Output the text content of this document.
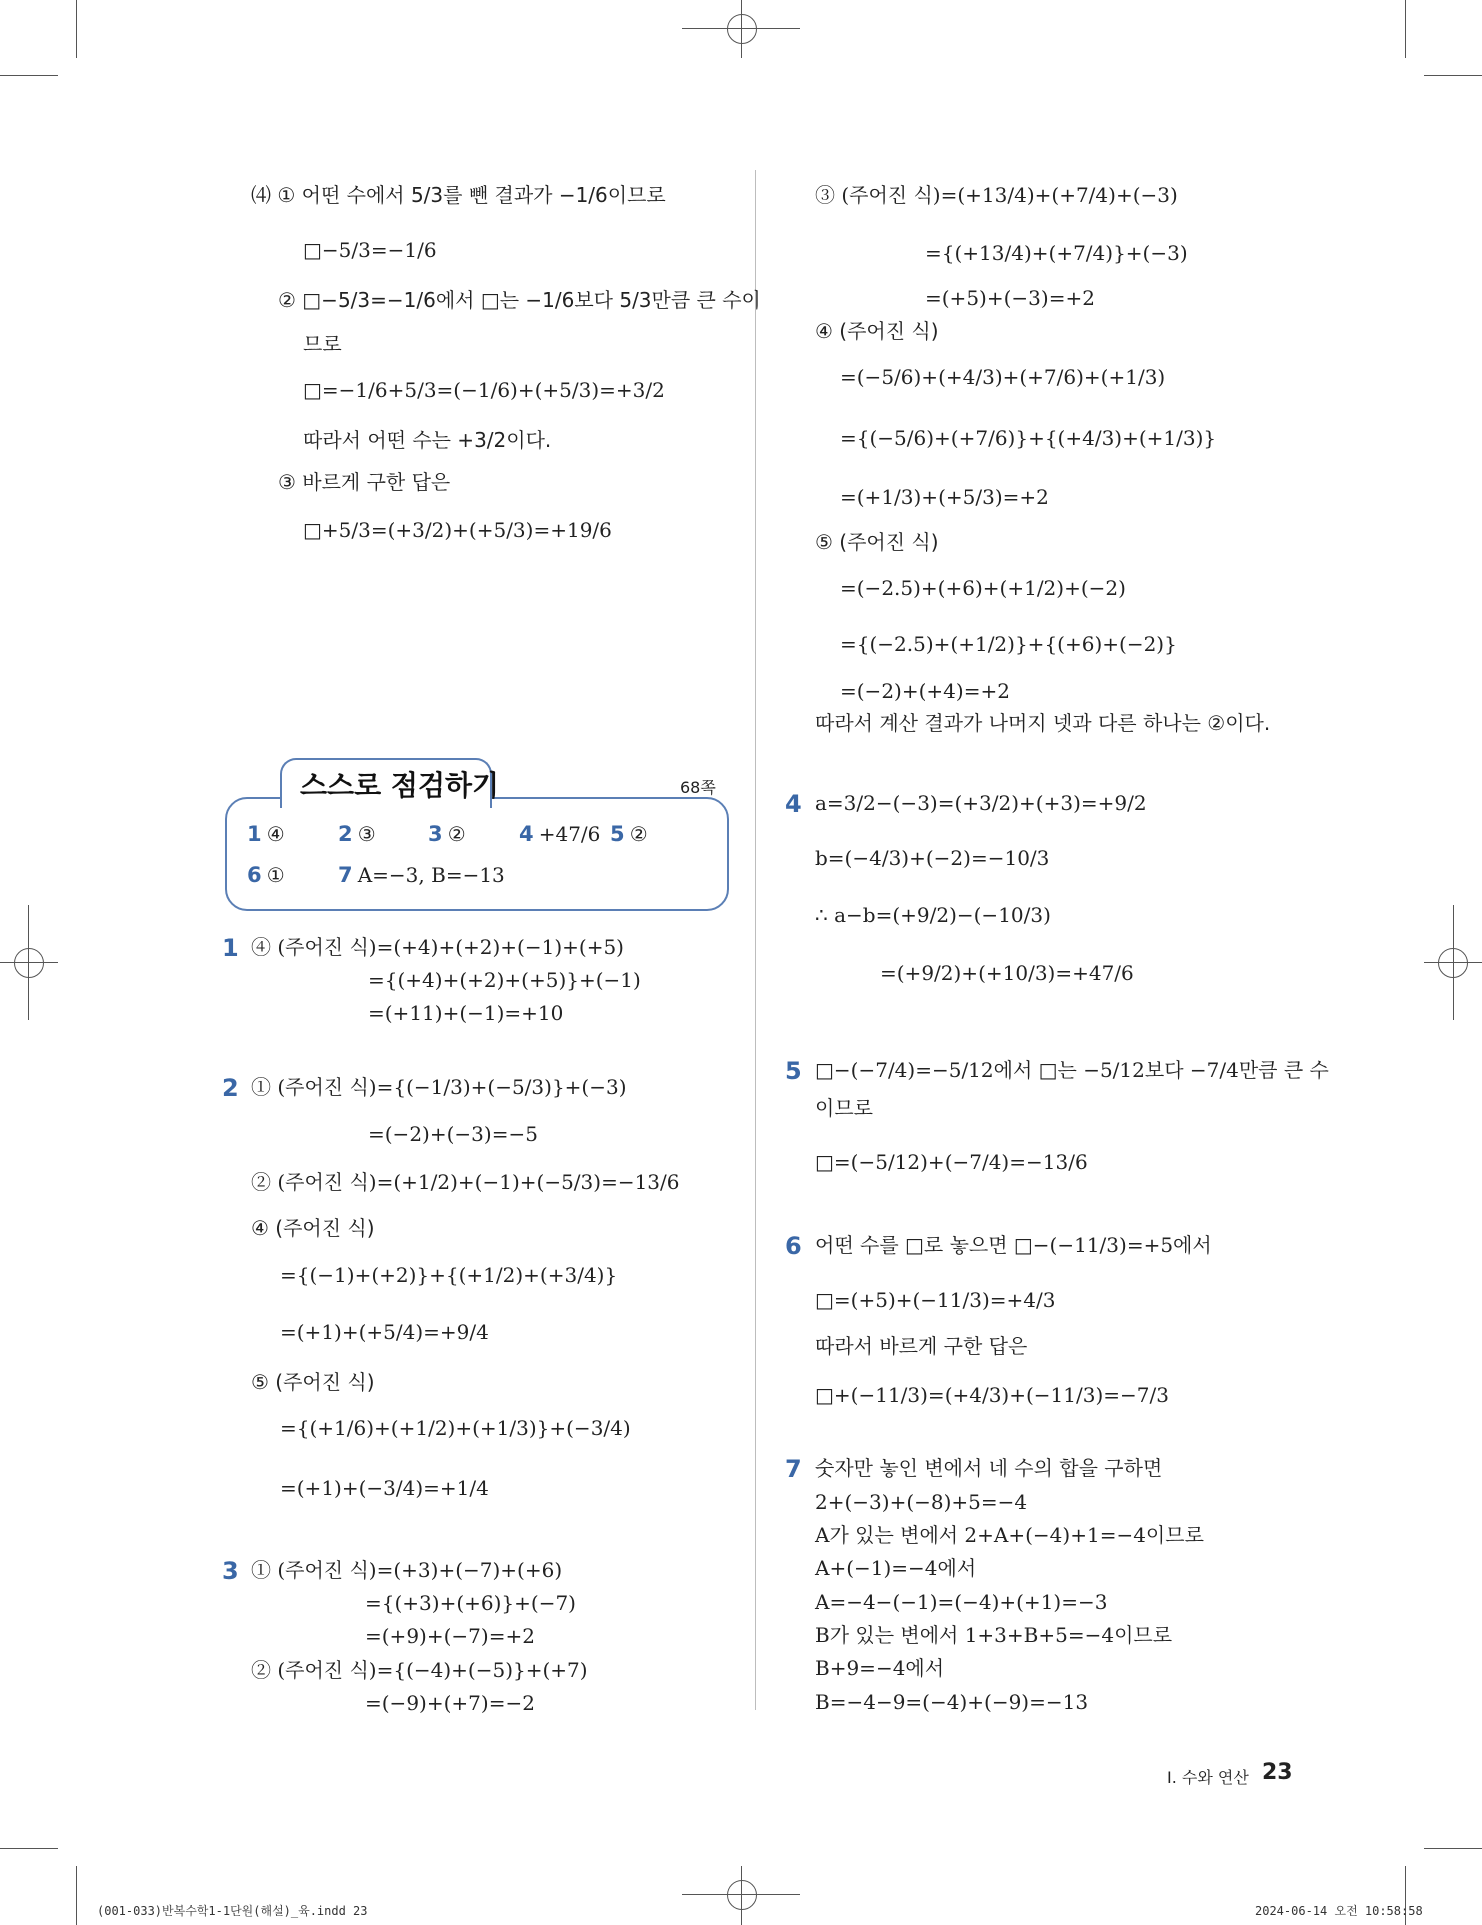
⑷ ① 어떤 수에서 5/3를 뺀 결과가 −1/6이므로
□−5/3=−1/6
② □−5/3=−1/6에서 □는 −1/6보다 5/3만큼 큰 수이
므로
□=−1/6+5/3=(−1/6)+(+5/3)=+3/2
따라서 어떤 수는 +3/2이다.
③ 바르게 구한 답은
□+5/3=(+3/2)+(+5/3)=+19/6
스스로 점검하기	68쪽
1 ④	2 ③ 3 ②	4 +47/6 5 ②
6 ①	7 A=−3, B=−13
1 ④ (주어진 식)=(+4)+(+2)+(−1)+(+5)
={(+4)+(+2)+(+5)}+(−1)
=(+11)+(−1)=+10
2 ① (주어진 식)={(−1/3)+(−5/3)}+(−3)
=(−2)+(−3)=−5
② (주어진 식)=(+1/2)+(−1)+(−5/3)=−13/6
④ (주어진 식)
={(−1)+(+2)}+{(+1/2)+(+3/4)}
=(+1)+(+5/4)=+9/4
⑤ (주어진 식)
={(+1/6)+(+1/2)+(+1/3)}+(−3/4)
=(+1)+(−3/4)=+1/4
3 ① (주어진 식)=(+3)+(−7)+(+6)
={(+3)+(+6)}+(−7)
=(+9)+(−7)=+2
② (주어진 식)={(−4)+(−5)}+(+7)
=(−9)+(+7)=−2
③ (주어진 식)=(+13/4)+(+7/4)+(−3)
={(+13/4)+(+7/4)}+(−3)
=(+5)+(−3)=+2
④ (주어진 식)
=(−5/6)+(+4/3)+(+7/6)+(+1/3)
={(−5/6)+(+7/6)}+{(+4/3)+(+1/3)}
=(+1/3)+(+5/3)=+2
⑤ (주어진 식)
=(−2.5)+(+6)+(+1/2)+(−2)
={(−2.5)+(+1/2)}+{(+6)+(−2)}
=(−2)+(+4)=+2
따라서 계산 결과가 나머지 넷과 다른 하나는 ②이다.
4 a=3/2−(−3)=(+3/2)+(+3)=+9/2
b=(−4/3)+(−2)=−10/3
∴ a−b=(+9/2)−(−10/3)
=(+9/2)+(+10/3)=+47/6
5 □−(−7/4)=−5/12에서 □는 −5/12보다 −7/4만큼 큰 수
이므로
□=(−5/12)+(−7/4)=−13/6
6 어떤 수를 □로 놓으면 □−(−11/3)=+5에서
□=(+5)+(−11/3)=+4/3
따라서 바르게 구한 답은
□+(−11/3)=(+4/3)+(−11/3)=−7/3
7 숫자만 놓인 변에서 네 수의 합을 구하면
2+(−3)+(−8)+5=−4
A가 있는 변에서 2+A+(−4)+1=−4이므로
A+(−1)=−4에서
A=−4−(−1)=(−4)+(+1)=−3
B가 있는 변에서 1+3+B+5=−4이므로
B+9=−4에서
B=−4−9=(−4)+(−9)=−13
I. 수와 연산 23
(001-033)반복수학1-1단원(해설)_육.indd 23	2024-06-14 오전 10:58:58
